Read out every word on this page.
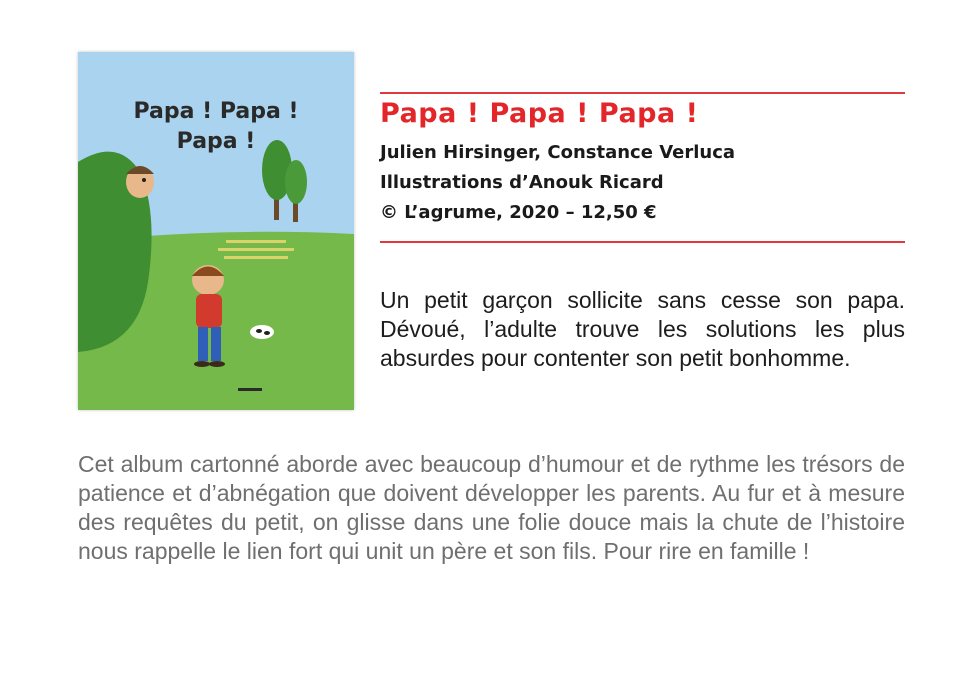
Papa ! Papa !
Papa !
Papa ! Papa ! Papa !
Julien Hirsinger, Constance Verluca
Illustrations d’Anouk Ricard
© L’agrume, 2020 – 12,50 €

Un petit garçon sollicite sans cesse son papa. Dévoué, l’adulte trouve les solutions les plus absurdes pour contenter son petit bonhomme.

Cet album cartonné aborde avec beaucoup d’humour et de rythme les trésors de patience et d’abnégation que doivent développer les parents. Au fur et à mesure des requêtes du petit, on glisse dans une folie douce mais la chute de l’histoire nous rappelle le lien fort qui unit un père et son fils. Pour rire en famille !
